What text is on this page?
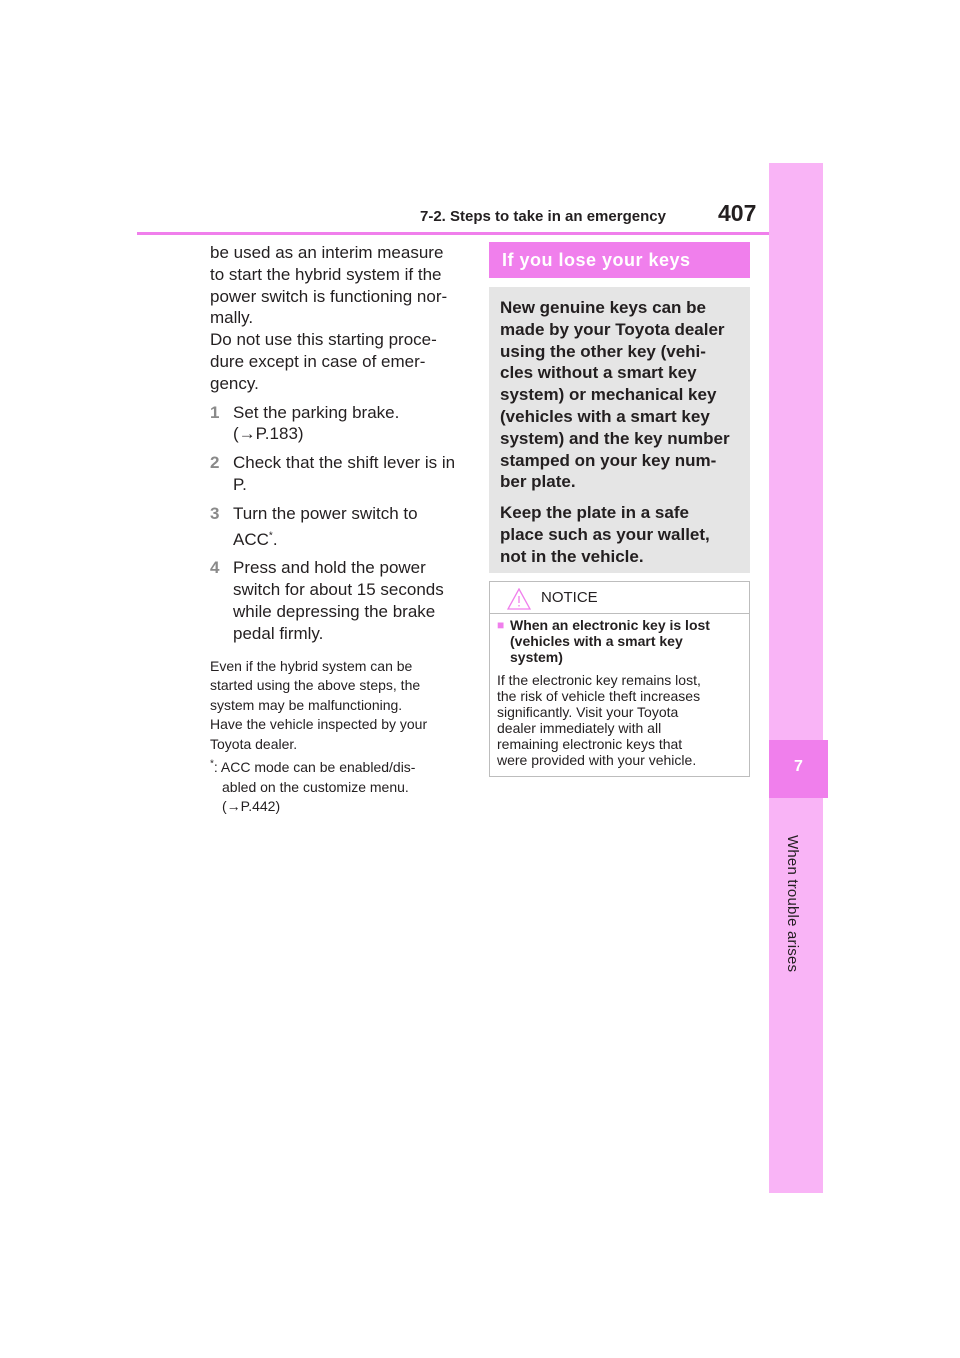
7
When trouble arises
7-2. Steps to take in an emergency 407

be used as an interim measure

to start the hybrid system if the

power switch is functioning nor-

mally.

Do not use this starting proce-

dure except in case of emer-

gency.

1 Set the parking brake.

(→P.183)

2 Check that the shift lever is in

P.

3 Turn the power switch to

ACC*.

4 Press and hold the power

switch for about 15 seconds

while depressing the brake

pedal firmly.

Even if the hybrid system can be

started using the above steps, the

system may be malfunctioning.

Have the vehicle inspected by your

Toyota dealer.

*: ACC mode can be enabled/dis-

abled on the customize menu.

(→P.442)

If you lose your keys

New genuine keys can be
made by your Toyota dealer
using the other key (vehi-
cles without a smart key
system) or mechanical key
(vehicles with a smart key
system) and the key number
stamped on your key num-
ber plate.

Keep the plate in a safe
place such as your wallet,
not in the vehicle.

NOTICE
■ When an electronic key is lost
(vehicles with a smart key
system)
If the electronic key remains lost,
the risk of vehicle theft increases
significantly. Visit your Toyota
dealer immediately with all
remaining electronic keys that
were provided with your vehicle.
